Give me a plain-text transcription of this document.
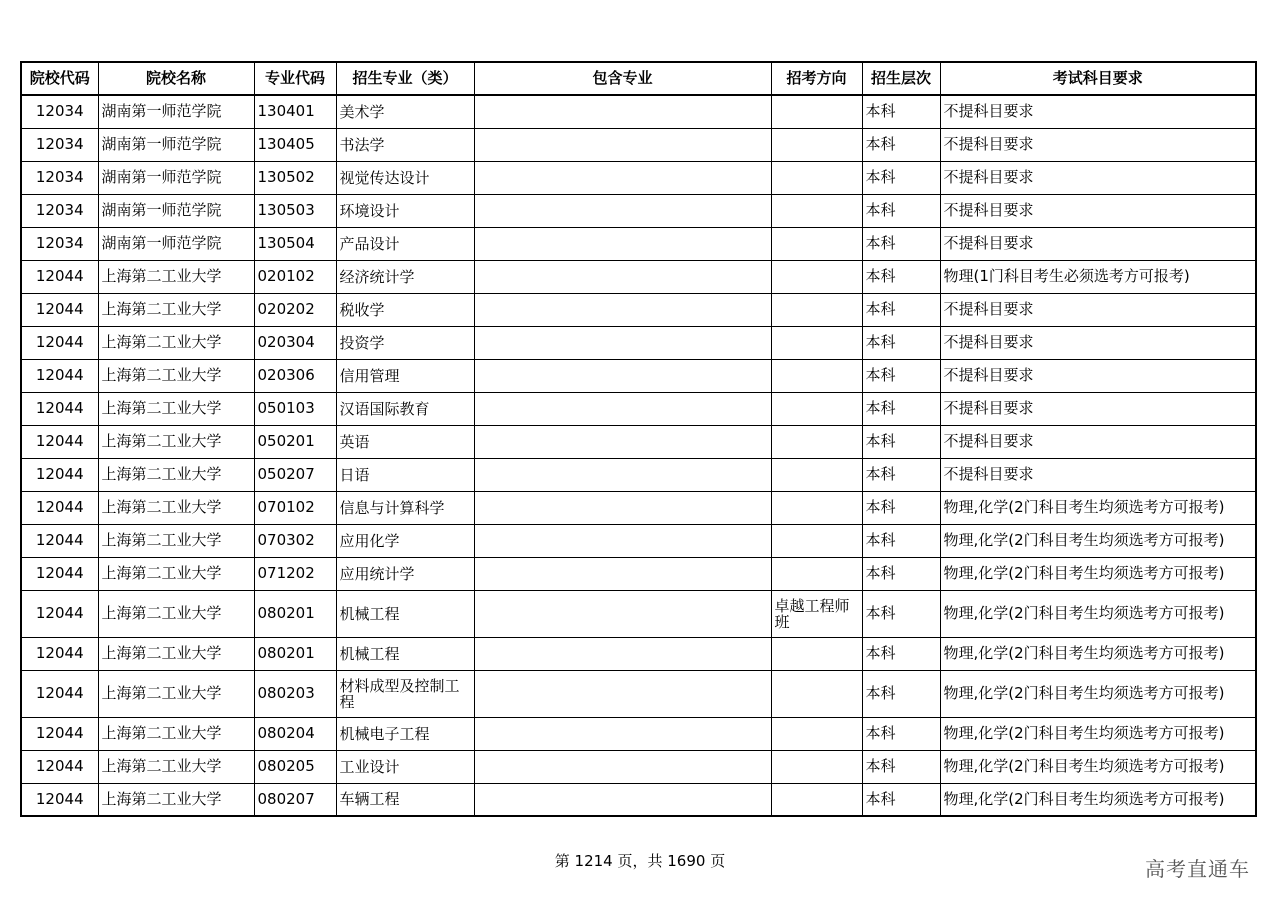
院校代码	院校名称	专业代码	招生专业（类）	包含专业	招考方向	招生层次	考试科目要求
12034	湖南第一师范学院	130401	美术学			本科	不提科目要求
12034	湖南第一师范学院	130405	书法学			本科	不提科目要求
12034	湖南第一师范学院	130502	视觉传达设计			本科	不提科目要求
12034	湖南第一师范学院	130503	环境设计			本科	不提科目要求
12034	湖南第一师范学院	130504	产品设计			本科	不提科目要求
12044	上海第二工业大学	020102	经济统计学			本科	物理(1门科目考生必须选考方可报考)
12044	上海第二工业大学	020202	税收学			本科	不提科目要求
12044	上海第二工业大学	020304	投资学			本科	不提科目要求
12044	上海第二工业大学	020306	信用管理			本科	不提科目要求
12044	上海第二工业大学	050103	汉语国际教育			本科	不提科目要求
12044	上海第二工业大学	050201	英语			本科	不提科目要求
12044	上海第二工业大学	050207	日语			本科	不提科目要求
12044	上海第二工业大学	070102	信息与计算科学			本科	物理,化学(2门科目考生均须选考方可报考)
12044	上海第二工业大学	070302	应用化学			本科	物理,化学(2门科目考生均须选考方可报考)
12044	上海第二工业大学	071202	应用统计学			本科	物理,化学(2门科目考生均须选考方可报考)
12044	上海第二工业大学	080201	机械工程		卓越工程师班	本科	物理,化学(2门科目考生均须选考方可报考)
12044	上海第二工业大学	080201	机械工程			本科	物理,化学(2门科目考生均须选考方可报考)
12044	上海第二工业大学	080203	材料成型及控制工程			本科	物理,化学(2门科目考生均须选考方可报考)
12044	上海第二工业大学	080204	机械电子工程			本科	物理,化学(2门科目考生均须选考方可报考)
12044	上海第二工业大学	080205	工业设计			本科	物理,化学(2门科目考生均须选考方可报考)
12044	上海第二工业大学	080207	车辆工程			本科	物理,化学(2门科目考生均须选考方可报考)
第 1214 页，共 1690 页	高考直通车
